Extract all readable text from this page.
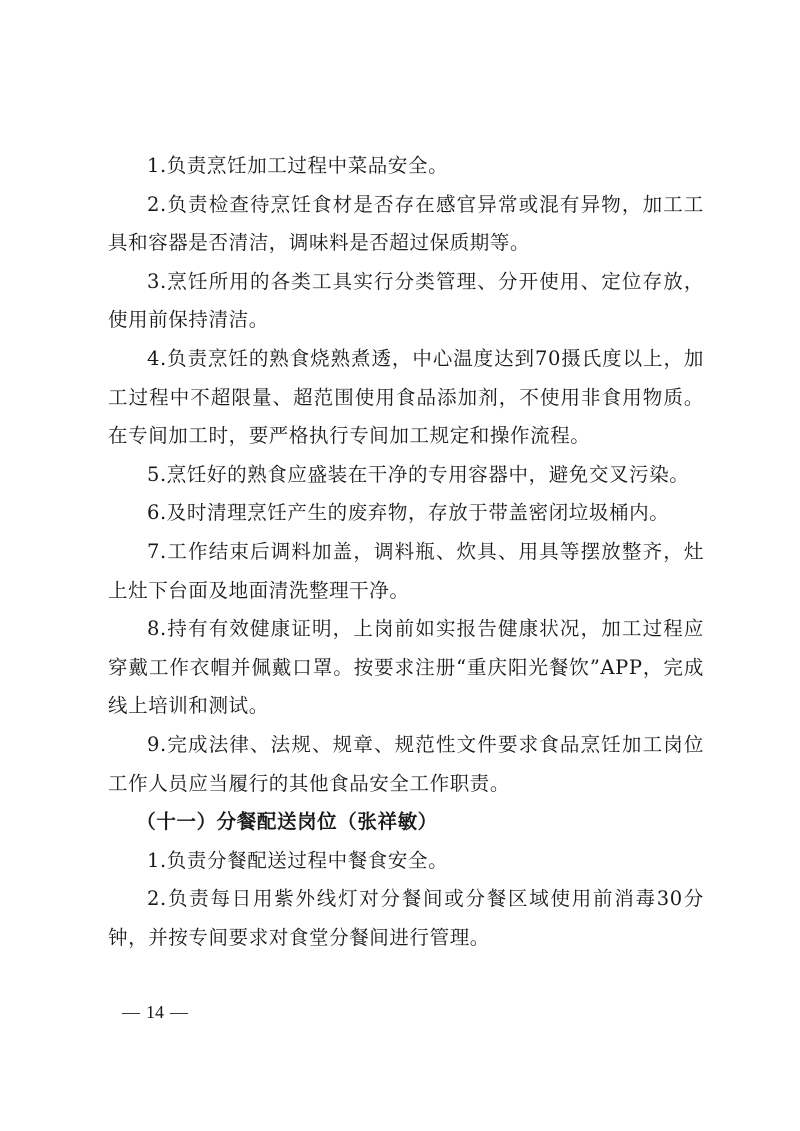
1.负责烹饪加工过程中菜品安全。

2.负责检查待烹饪食材是否存在感官异常或混有异物，加工工具和容器是否清洁，调味料是否超过保质期等。

3.烹饪所用的各类工具实行分类管理、分开使用、定位存放，使用前保持清洁。

4.负责烹饪的熟食烧熟煮透，中心温度达到70摄氏度以上，加工过程中不超限量、超范围使用食品添加剂，不使用非食用物质。在专间加工时，要严格执行专间加工规定和操作流程。

5.烹饪好的熟食应盛装在干净的专用容器中，避免交叉污染。

6.及时清理烹饪产生的废弃物，存放于带盖密闭垃圾桶内。

7.工作结束后调料加盖，调料瓶、炊具、用具等摆放整齐，灶上灶下台面及地面清洗整理干净。

8.持有有效健康证明，上岗前如实报告健康状况，加工过程应穿戴工作衣帽并佩戴口罩。按要求注册“重庆阳光餐饮”APP，完成线上培训和测试。

9.完成法律、法规、规章、规范性文件要求食品烹饪加工岗位工作人员应当履行的其他食品安全工作职责。

（十一）分餐配送岗位（张祥敏）

1.负责分餐配送过程中餐食安全。

2.负责每日用紫外线灯对分餐间或分餐区域使用前消毒30分钟，并按专间要求对食堂分餐间进行管理。

— 14 —
